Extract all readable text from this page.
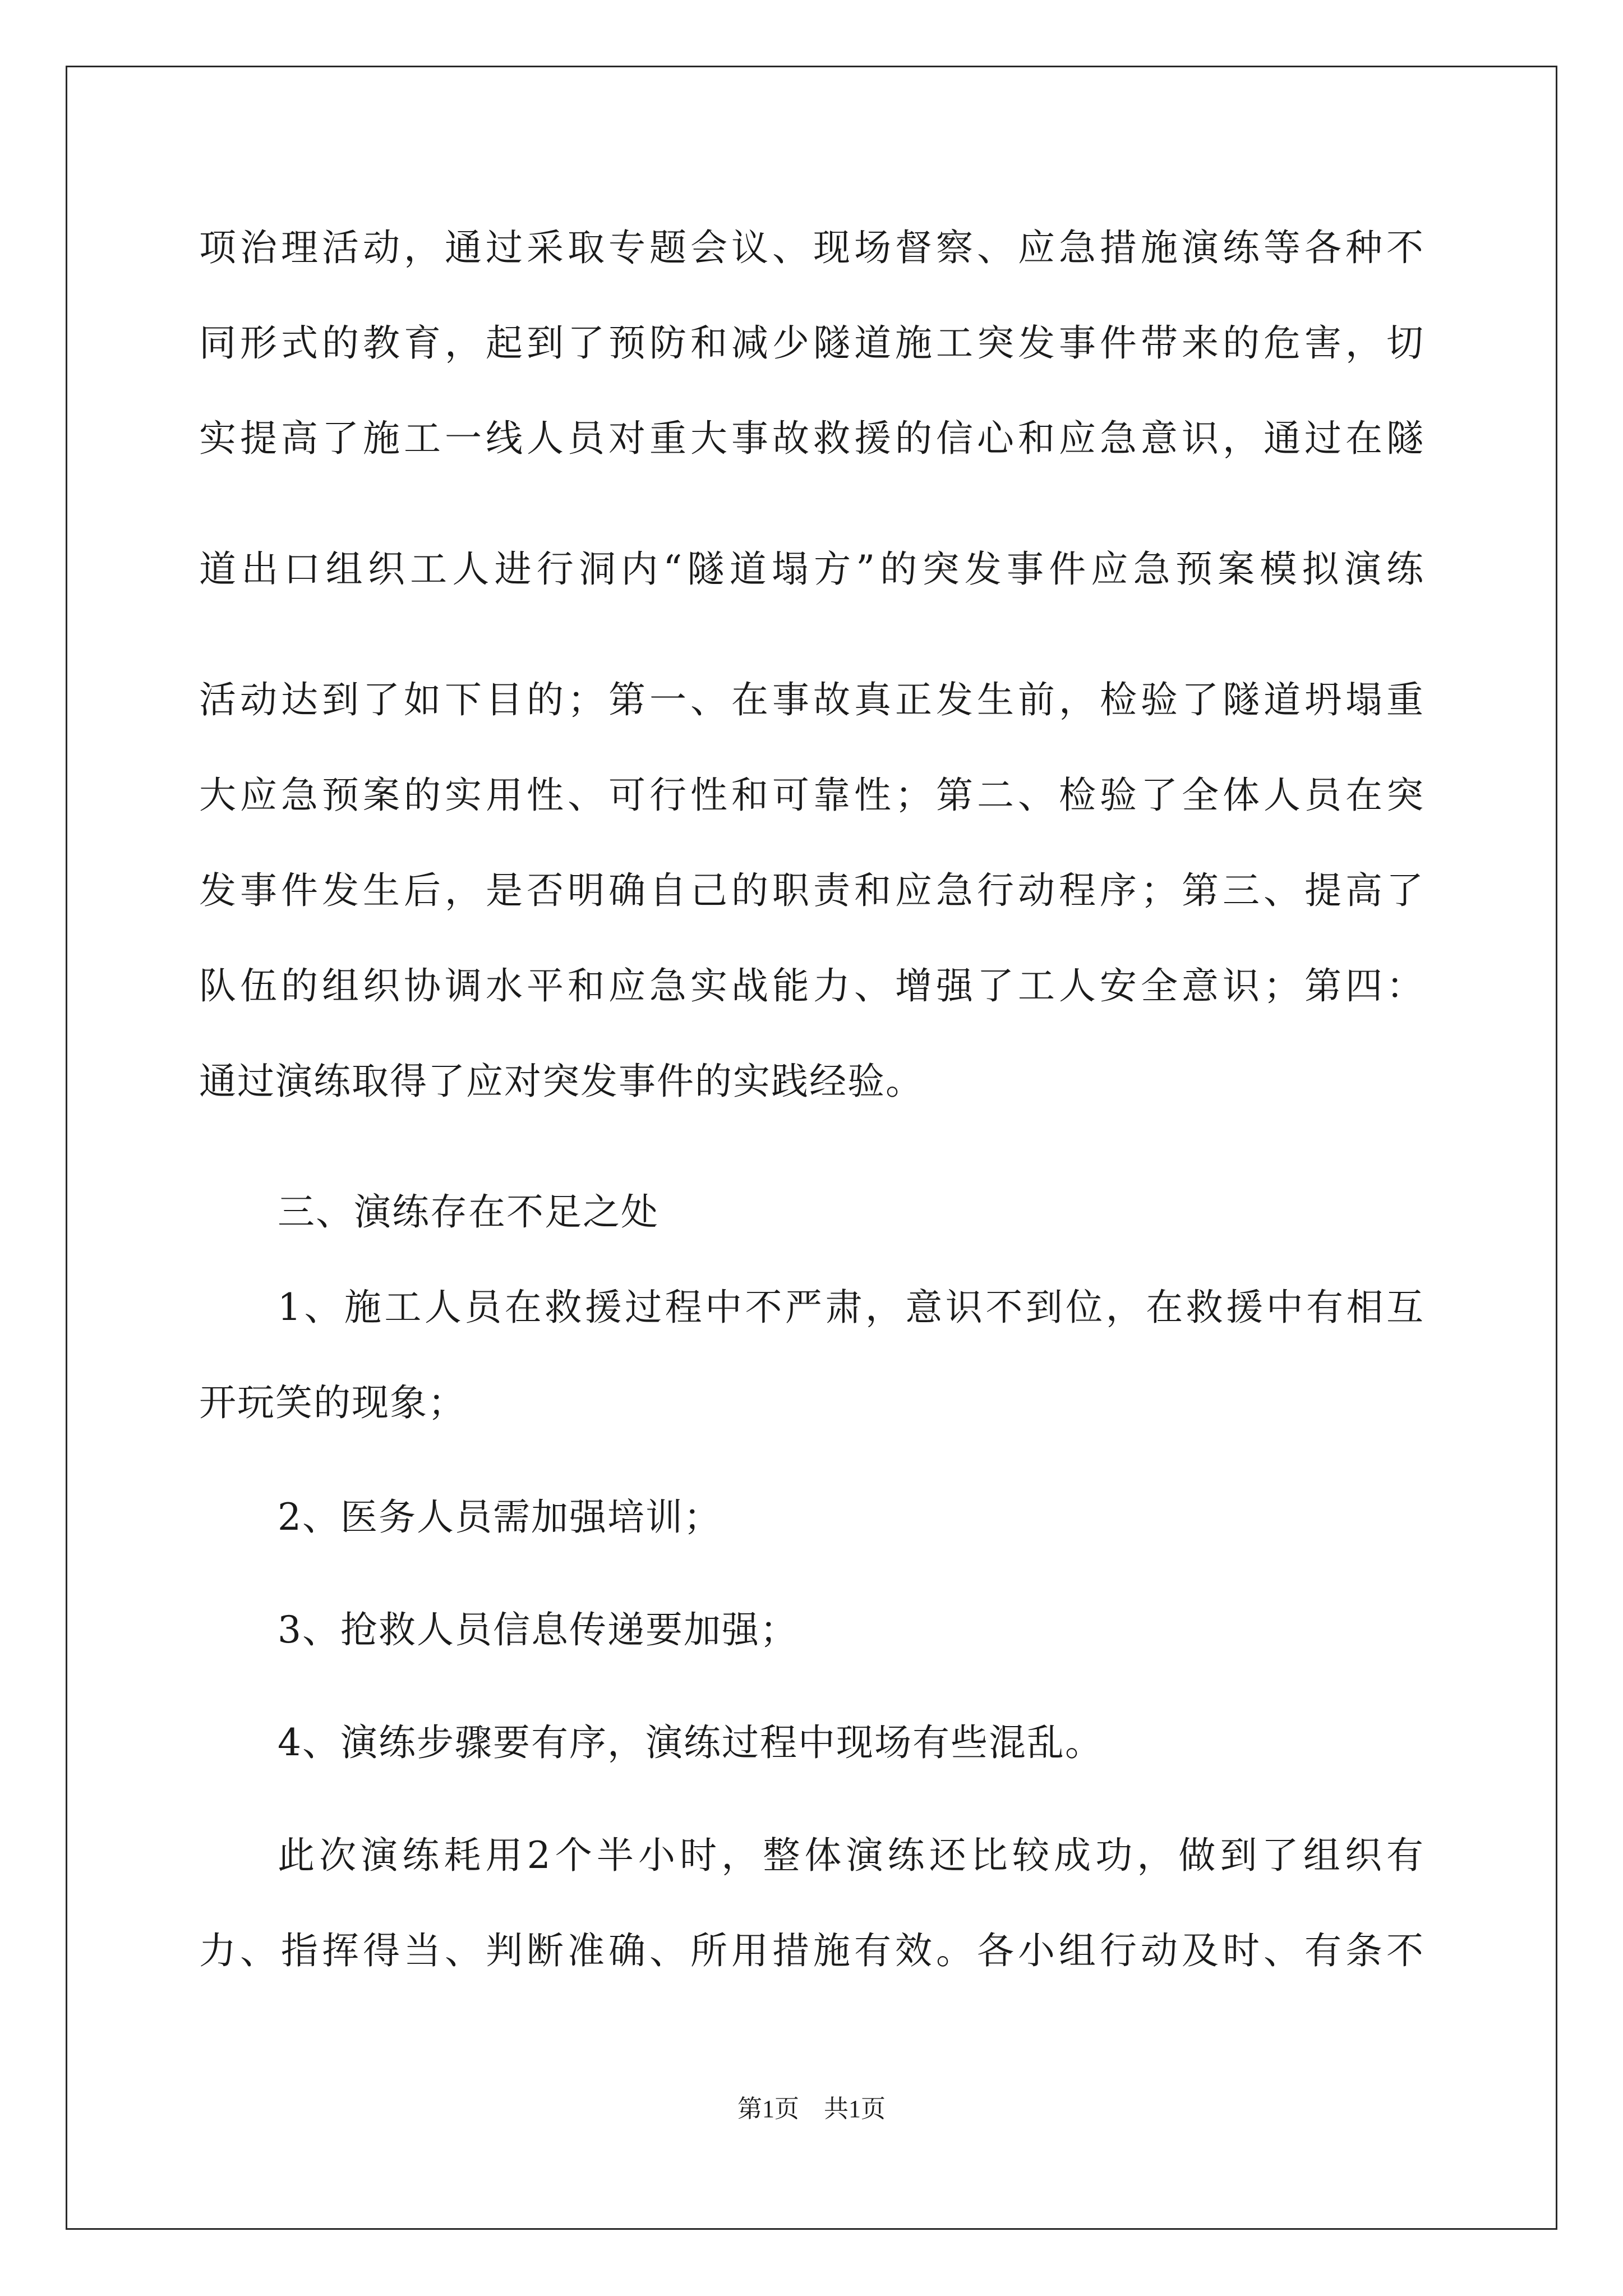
项治理活动，通过采取专题会议、现场督察、应急措施演练等各种不
同形式的教育，起到了预防和减少隧道施工突发事件带来的危害，切
实提高了施工一线人员对重大事故救援的信心和应急意识，通过在隧
道出口组织工人进行洞内“隧道塌方”的突发事件应急预案模拟演练
活动达到了如下目的；第一、在事故真正发生前，检验了隧道坍塌重
大应急预案的实用性、可行性和可靠性；第二、检验了全体人员在突
发事件发生后，是否明确自己的职责和应急行动程序；第三、提高了
队伍的组织协调水平和应急实战能力、增强了工人安全意识；第四：
通过演练取得了应对突发事件的实践经验。
三、演练存在不足之处
1、施工人员在救援过程中不严肃，意识不到位，在救援中有相互
开玩笑的现象；
2、医务人员需加强培训；
3、抢救人员信息传递要加强；
4、演练步骤要有序，演练过程中现场有些混乱。
此次演练耗用2个半小时，整体演练还比较成功，做到了组织有
力、指挥得当、判断准确、所用措施有效。各小组行动及时、有条不
第1页　共1页
